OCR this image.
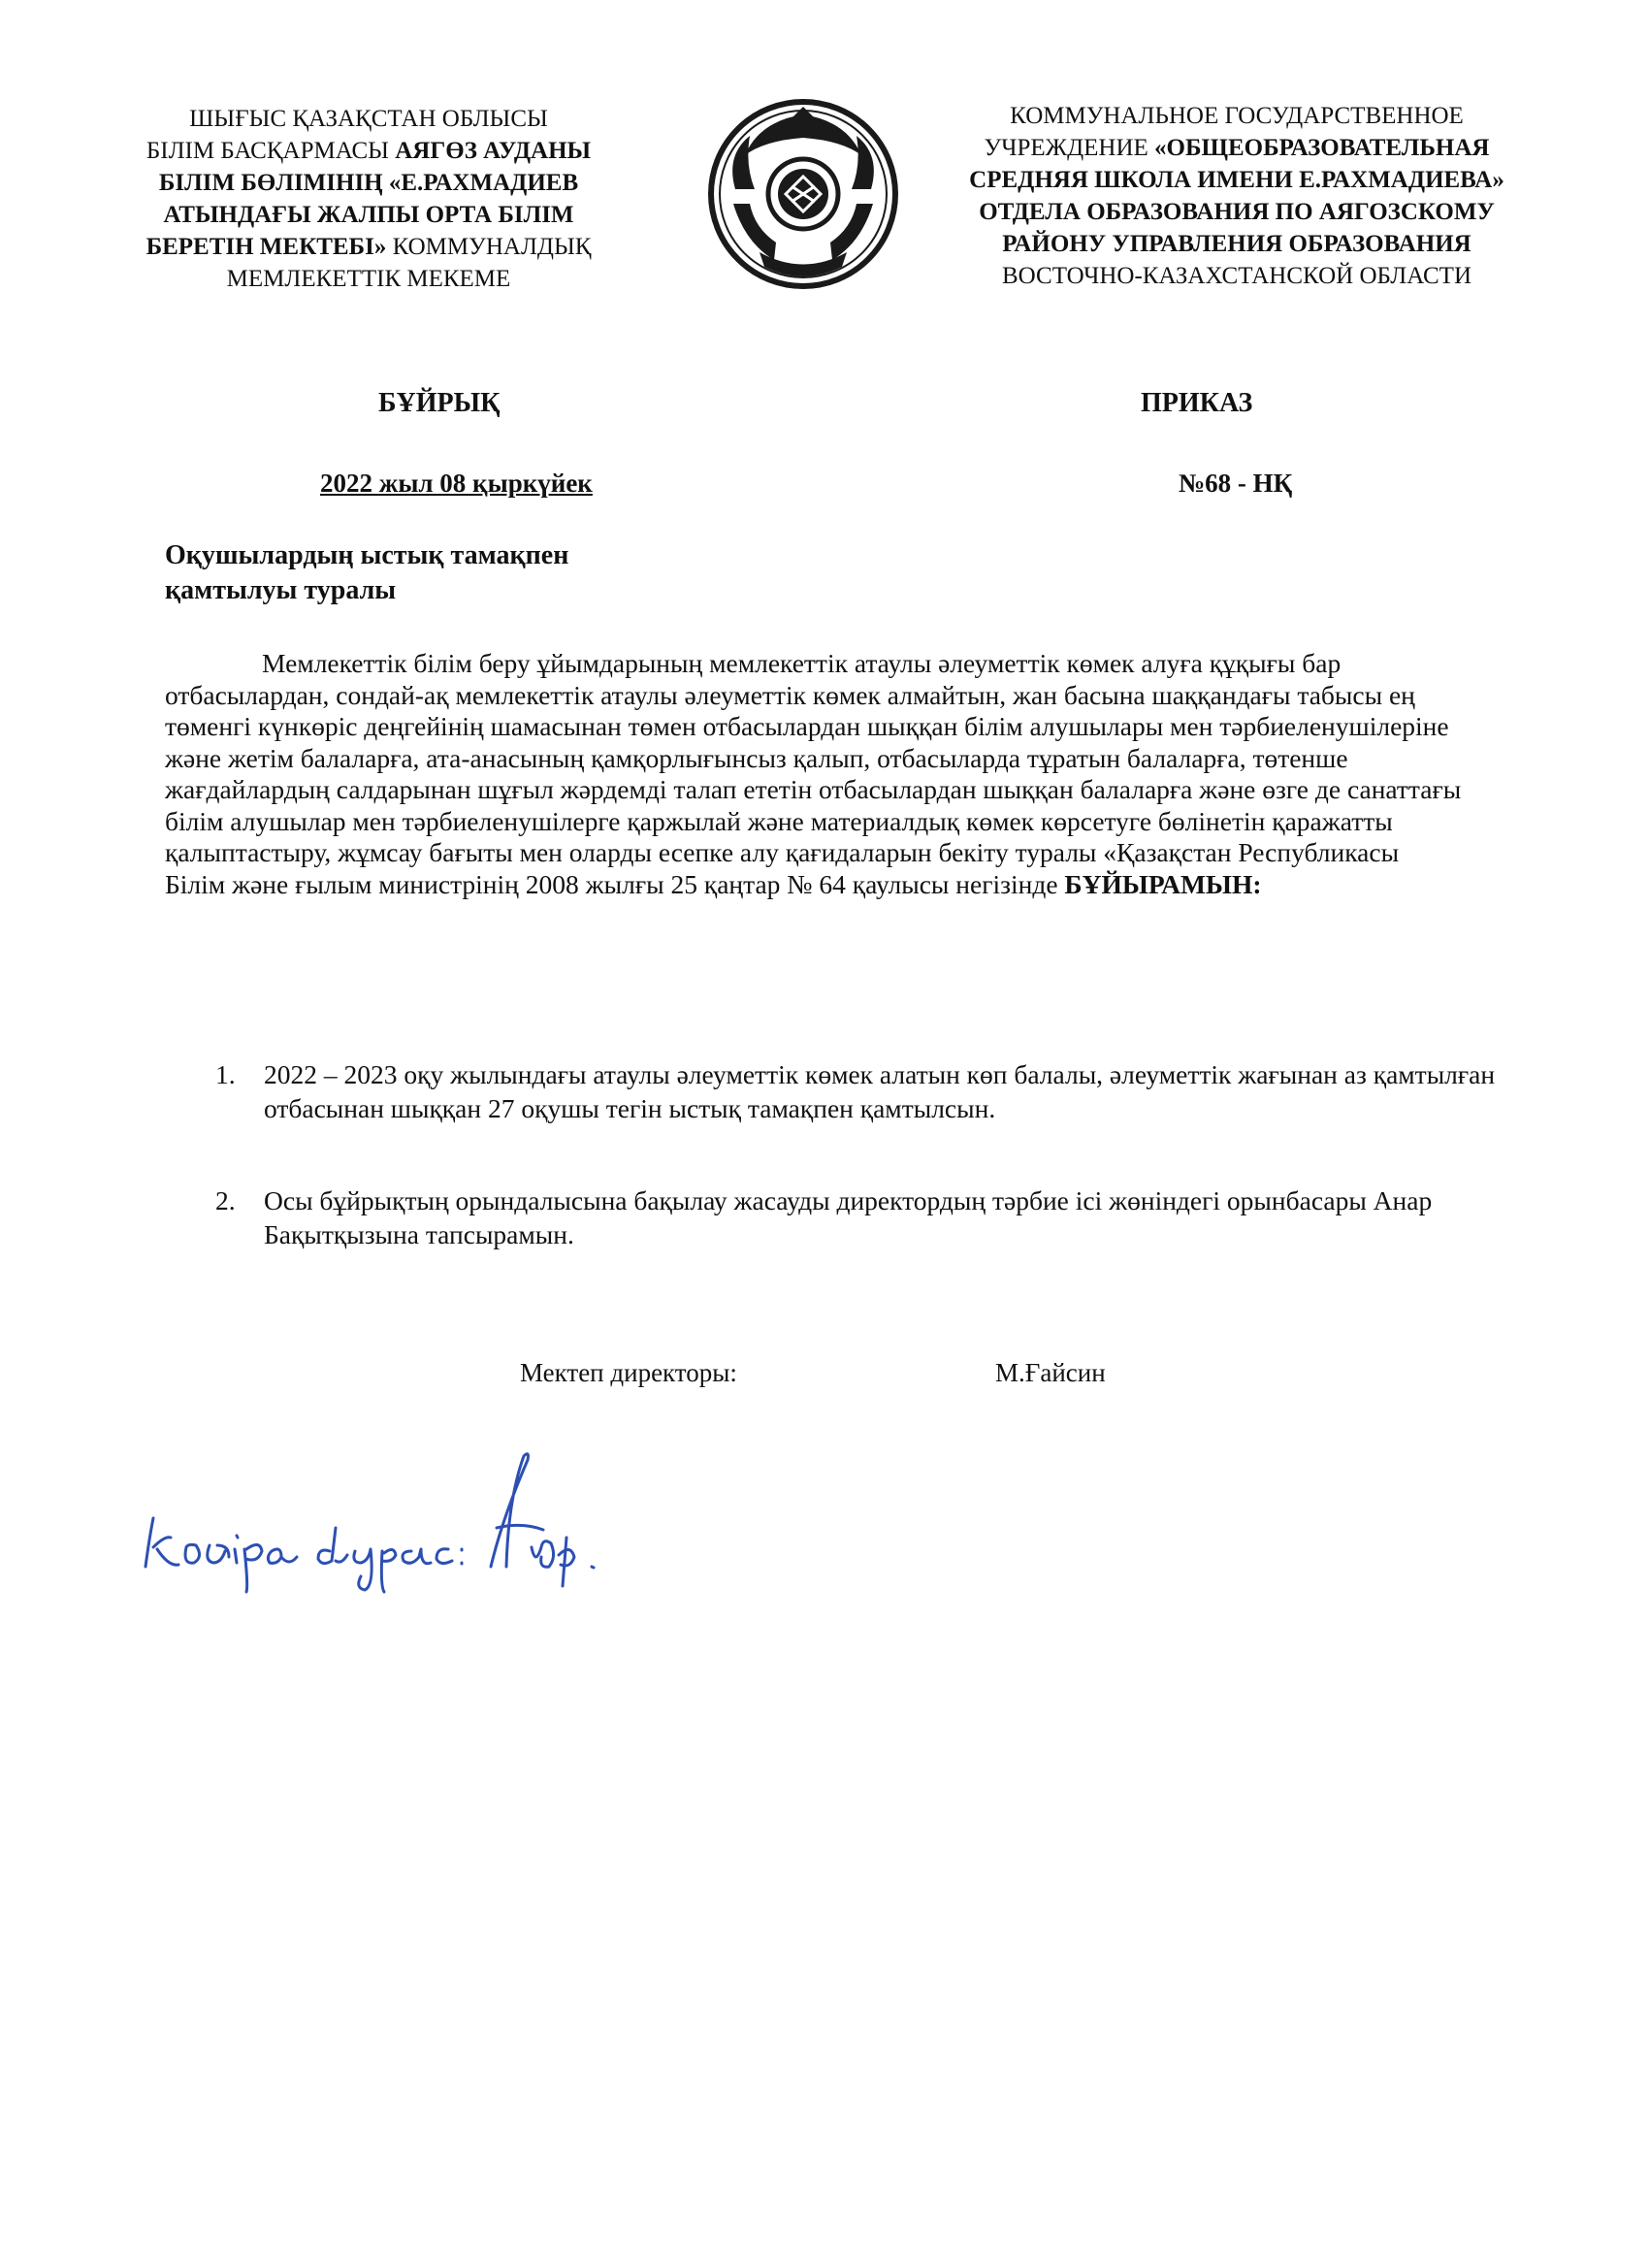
ШЫҒЫС ҚАЗАҚСТАН ОБЛЫСЫ
БІЛІМ БАСҚАРМАСЫ АЯГӨЗ АУДАНЫ
БІЛІМ БӨЛІМІНІҢ «Е.РАХМАДИЕВ
АТЫНДАҒЫ ЖАЛПЫ ОРТА БІЛІМ
БЕРЕТІН МЕКТЕБІ» КОММУНАЛДЫҚ
МЕМЛЕКЕТТІК МЕКЕМЕ
КОММУНАЛЬНОЕ ГОСУДАРСТВЕННОЕ
УЧРЕЖДЕНИЕ «ОБЩЕОБРАЗОВАТЕЛЬНАЯ
СРЕДНЯЯ ШКОЛА ИМЕНИ Е.РАХМАДИЕВА»
ОТДЕЛА ОБРАЗОВАНИЯ ПО АЯГОЗСКОМУ
РАЙОНУ УПРАВЛЕНИЯ ОБРАЗОВАНИЯ
ВОСТОЧНО-КАЗАХСТАНСКОЙ ОБЛАСТИ
БҰЙРЫҚ	ПРИКАЗ
2022 жыл 08 қыркүйек	№68 - НҚ
Оқушылардың ыстық тамақпен
қамтылуы туралы

Мемлекеттік білім беру ұйымдарының мемлекеттік атаулы әлеуметтік көмек алуға құқығы бар отбасылардан, сондай-ақ мемлекеттік атаулы әлеуметтік көмек алмайтын, жан басына шаққандағы табысы ең төменгі күнкөріс деңгейінің шамасынан төмен отбасылардан шыққан білім алушылары мен тәрбиеленушілеріне және жетім балаларға, ата-анасының қамқорлығынсыз қалып, отбасыларда тұратын балаларға, төтенше жағдайлардың салдарынан шұғыл жәрдемді талап ететін отбасылардан шыққан балаларға және өзге де санаттағы білім алушылар мен тәрбиеленушілерге қаржылай және материалдық көмек көрсетуге бөлінетін қаражатты қалыптастыру, жұмсау бағыты мен оларды есепке алу қағидаларын бекіту туралы «Қазақстан Республикасы Білім және ғылым министрінің 2008 жылғы 25 қаңтар № 64 қаулысы негізінде БҰЙЫРАМЫН:

1. 2022 – 2023 оқу жылындағы атаулы әлеуметтік көмек алатын көп балалы, әлеуметтік жағынан аз қамтылған отбасынан шыққан 27 оқушы тегін ыстық тамақпен қамтылсын.
2. Осы бұйрықтың орындалысына бақылау жасауды директордың тәрбие ісі жөніндегі орынбасары Анар Бақытқызына тапсырамын.
Мектеп директоры:	М.Ғайсин
